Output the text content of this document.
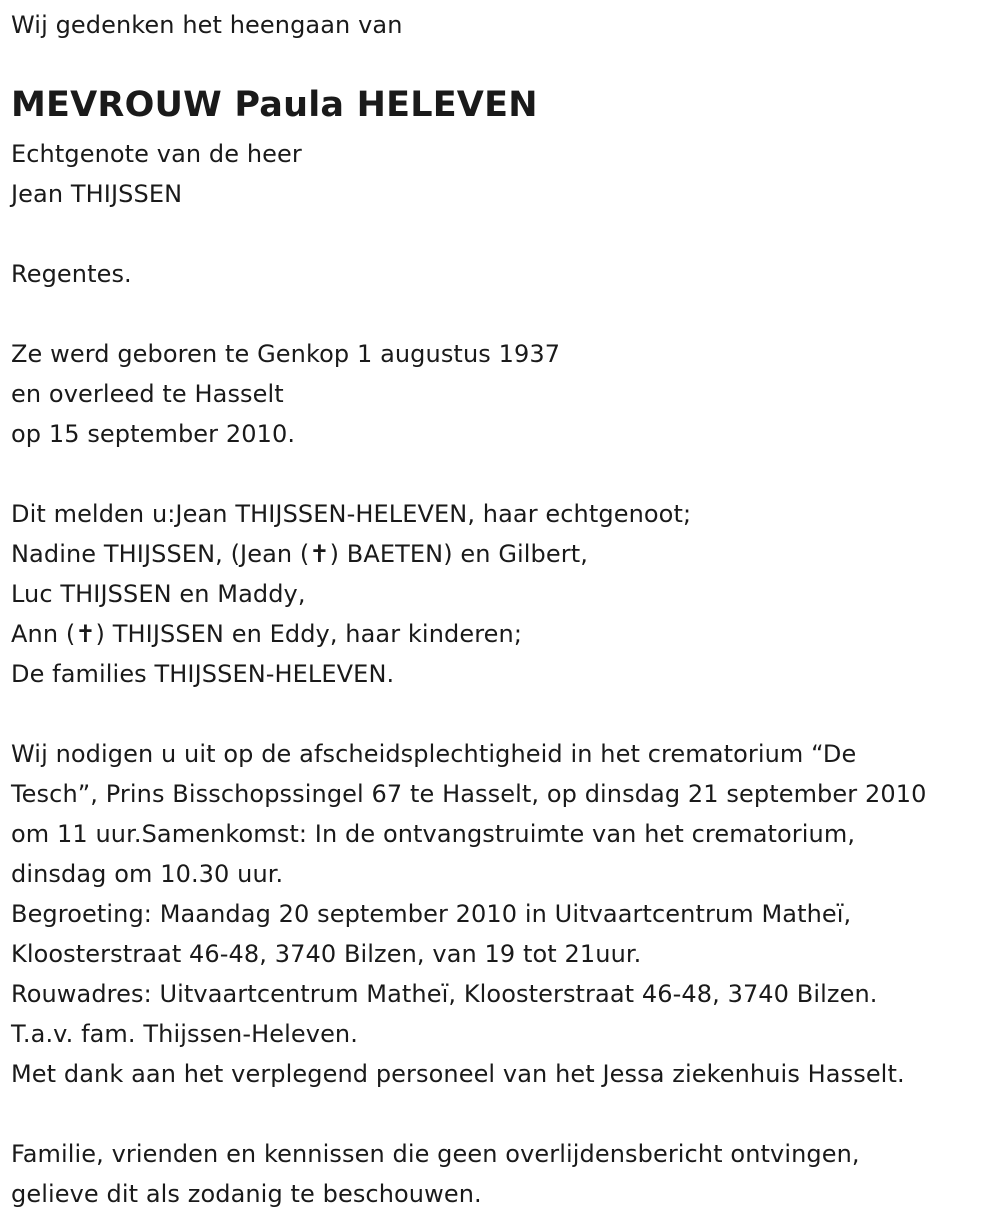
Wij gedenken het heengaan van
MEVROUW Paula HELEVEN
Echtgenote van de heer
Jean THIJSSEN
Regentes.
Ze werd geboren te Genkop 1 augustus 1937
en overleed te Hasselt
op 15 september 2010.
Dit melden u:Jean THIJSSEN-HELEVEN, haar echtgenoot;
Nadine THIJSSEN, (Jean (✝) BAETEN) en Gilbert,
Luc THIJSSEN en Maddy,
Ann (✝) THIJSSEN en Eddy, haar kinderen;
De families THIJSSEN-HELEVEN.
Wij nodigen u uit op de afscheidsplechtigheid in het crematorium “De
Tesch”, Prins Bisschopssingel 67 te Hasselt, op dinsdag 21 september 2010
om 11 uur.Samenkomst: In de ontvangstruimte van het crematorium,
dinsdag om 10.30 uur.
Begroeting: Maandag 20 september 2010 in Uitvaartcentrum Matheï,
Kloosterstraat 46-48, 3740 Bilzen, van 19 tot 21uur.
Rouwadres: Uitvaartcentrum Matheï, Kloosterstraat 46-48, 3740 Bilzen.
T.a.v. fam. Thijssen-Heleven.
Met dank aan het verplegend personeel van het Jessa ziekenhuis Hasselt.
Familie, vrienden en kennissen die geen overlijdensbericht ontvingen,
gelieve dit als zodanig te beschouwen.
